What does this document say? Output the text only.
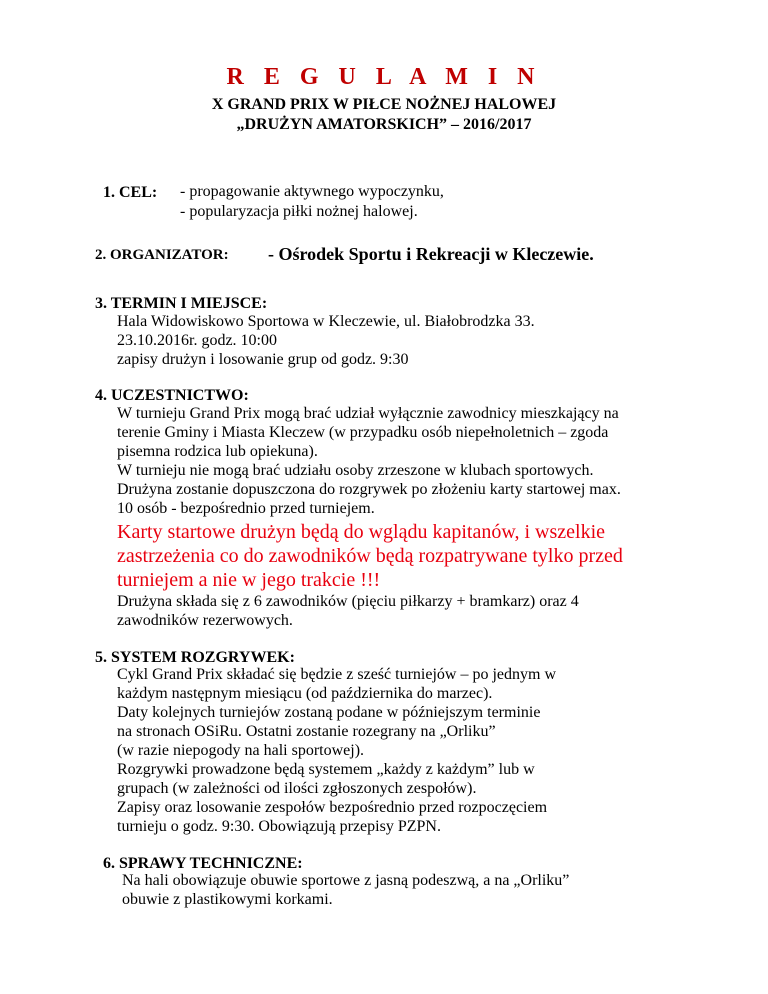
R E G U L A M I N
X GRAND PRIX W PIŁCE NOŻNEJ HALOWEJ
„DRUŻYN AMATORSKICH” – 2016/2017
1. CEL: - propagowanie aktywnego wypoczynku,
- popularyzacja piłki nożnej halowej.
2. ORGANIZATOR: - Ośrodek Sportu i Rekreacji w Kleczewie.
3. TERMIN I MIEJSCE:
Hala Widowiskowo Sportowa w Kleczewie, ul. Białobrodzka 33.
23.10.2016r. godz. 10:00
zapisy drużyn i losowanie grup od godz. 9:30
4. UCZESTNICTWO:
W turnieju Grand Prix mogą brać udział wyłącznie zawodnicy mieszkający na
terenie Gminy i Miasta Kleczew (w przypadku osób niepełnoletnich – zgoda
pisemna rodzica lub opiekuna).
W turnieju nie mogą brać udziału osoby zrzeszone w klubach sportowych.
Drużyna zostanie dopuszczona do rozgrywek po złożeniu karty startowej max.
10 osób - bezpośrednio przed turniejem.
Karty startowe drużyn będą do wglądu kapitanów, i wszelkie
zastrzeżenia co do zawodników będą rozpatrywane tylko przed
turniejem a nie w jego trakcie !!!
Drużyna składa się z 6 zawodników (pięciu piłkarzy + bramkarz) oraz 4
zawodników rezerwowych.
5. SYSTEM ROZGRYWEK:
Cykl Grand Prix składać się będzie z sześć turniejów – po jednym w
każdym następnym miesiącu (od października do marzec).
Daty kolejnych turniejów zostaną podane w późniejszym terminie
na stronach OSiRu. Ostatni zostanie rozegrany na „Orliku”
(w razie niepogody na hali sportowej).
Rozgrywki prowadzone będą systemem „każdy z każdym” lub w
grupach (w zależności od ilości zgłoszonych zespołów).
Zapisy oraz losowanie zespołów bezpośrednio przed rozpoczęciem
turnieju o godz. 9:30. Obowiązują przepisy PZPN.
6. SPRAWY TECHNICZNE:
Na hali obowiązuje obuwie sportowe z jasną podeszwą, a na „Orliku”
obuwie z plastikowymi korkami.
